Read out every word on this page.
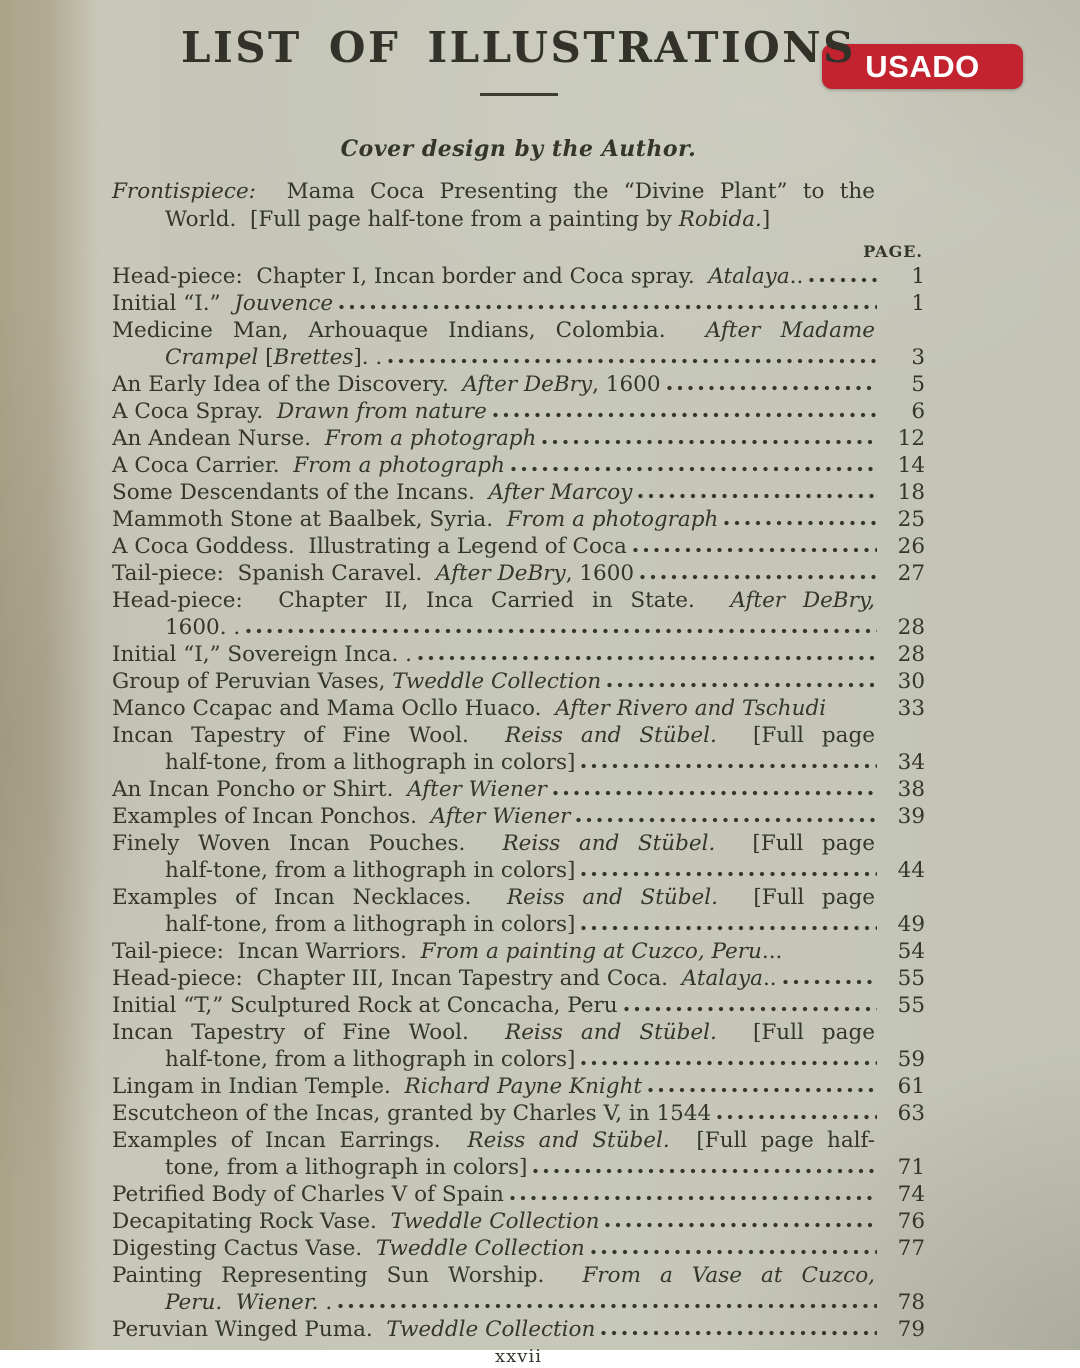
USADO
LIST OF ILLUSTRATIONS
Cover design by the Author.
Frontispiece:  Mama Coca Presenting the “Divine Plant” to the
World.  [Full page half-tone from a painting by Robida.]
PAGE.
Head-piece:  Chapter I, Incan border and Coca spray.  Atalaya..	1
Initial “I.”  Jouvence	1
Medicine Man, Arhouaque Indians, Colombia.  After Madame
Crampel [Brettes]. .	3
An Early Idea of the Discovery.  After DeBry, 1600	5
A Coca Spray.  Drawn from nature	6
An Andean Nurse.  From a photograph	12
A Coca Carrier.  From a photograph	14
Some Descendants of the Incans.  After Marcoy	18
Mammoth Stone at Baalbek, Syria.  From a photograph	25
A Coca Goddess.  Illustrating a Legend of Coca	26
Tail-piece:  Spanish Caravel.  After DeBry, 1600	27
Head-piece:  Chapter II, Inca Carried in State.  After DeBry,
1600. .	28
Initial “I,” Sovereign Inca. .	28
Group of Peruvian Vases, Tweddle Collection	30
Manco Ccapac and Mama Ocllo Huaco.  After Rivero and Tschudi	33
Incan Tapestry of Fine Wool.  Reiss and Stübel.  [Full page
half-tone, from a lithograph in colors]	34
An Incan Poncho or Shirt.  After Wiener	38
Examples of Incan Ponchos.  After Wiener	39
Finely Woven Incan Pouches.  Reiss and Stübel.  [Full page
half-tone, from a lithograph in colors]	44
Examples of Incan Necklaces.  Reiss and Stübel.  [Full page
half-tone, from a lithograph in colors]	49
Tail-piece:  Incan Warriors.  From a painting at Cuzco, Peru...	54
Head-piece:  Chapter III, Incan Tapestry and Coca.  Atalaya..	55
Initial “T,” Sculptured Rock at Concacha, Peru	55
Incan Tapestry of Fine Wool.  Reiss and Stübel.  [Full page
half-tone, from a lithograph in colors]	59
Lingam in Indian Temple.  Richard Payne Knight	61
Escutcheon of the Incas, granted by Charles V, in 1544	63
Examples of Incan Earrings.  Reiss and Stübel.  [Full page half-
tone, from a lithograph in colors]	71
Petrified Body of Charles V of Spain	74
Decapitating Rock Vase.  Tweddle Collection	76
Digesting Cactus Vase.  Tweddle Collection	77
Painting Representing Sun Worship.  From a Vase at Cuzco,
Peru.  Wiener. .	78
Peruvian Winged Puma.  Tweddle Collection	79
xxvii
